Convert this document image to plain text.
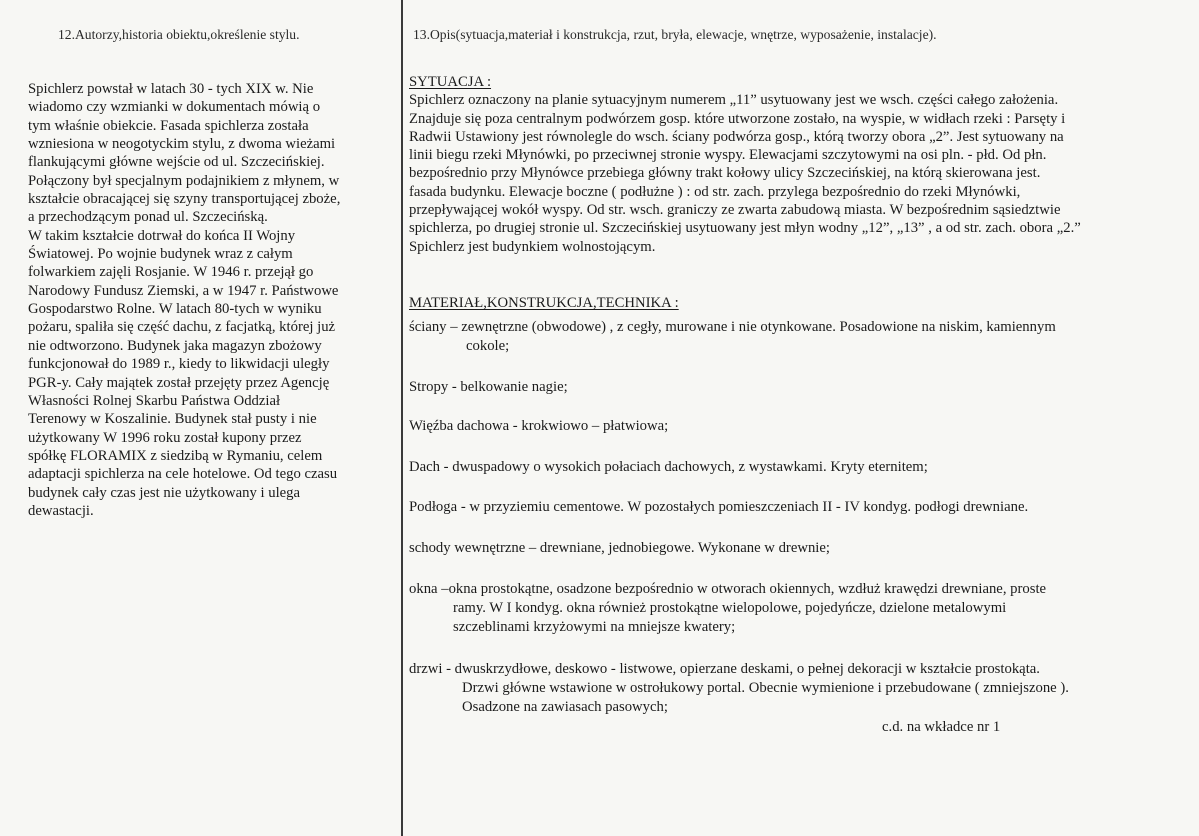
12.Autorzy,historia obiektu,określenie stylu.
Spichlerz powstał w latach 30 - tych XIX w. Nie
wiadomo czy wzmianki w dokumentach mówią o
tym właśnie obiekcie. Fasada spichlerza została
wzniesiona w neogotyckim stylu, z dwoma wieżami
flankującymi główne wejście od ul. Szczecińskiej.
Połączony był specjalnym podajnikiem z młynem, w
kształcie obracającej się szyny transportującej zboże,
a przechodzącym ponad ul. Szczecińską.
W takim kształcie dotrwał do końca II Wojny
Światowej. Po wojnie budynek wraz z całym
folwarkiem zajęli Rosjanie. W 1946 r. przejął go
Narodowy Fundusz Ziemski, a w 1947 r. Państwowe
Gospodarstwo Rolne. W latach 80-tych w wyniku
pożaru, spaliła się część dachu, z facjatką, której już
nie odtworzono. Budynek jaka magazyn zbożowy
funkcjonował do 1989 r., kiedy to likwidacji uległy
PGR-y. Cały majątek został przejęty przez Agencję
Własności Rolnej Skarbu Państwa Oddział
Terenowy w Koszalinie. Budynek stał pusty i nie
użytkowany W 1996 roku został kupony przez
spółkę FLORAMIX z siedzibą w Rymaniu, celem
adaptacji spichlerza na cele hotelowe. Od tego czasu
budynek cały czas jest nie użytkowany i ulega
dewastacji.
13.Opis(sytuacja,materiał i konstrukcja, rzut, bryła, elewacje, wnętrze, wyposażenie, instalacje).
SYTUACJA :
Spichlerz oznaczony na planie sytuacyjnym numerem „11” usytuowany jest we wsch. części całego założenia.
Znajduje się poza centralnym podwórzem gosp. które utworzone zostało, na wyspie, w widłach rzeki : Parsęty i
Radwii Ustawiony jest równolegle do wsch. ściany podwórza gosp., którą tworzy obora „2”. Jest sytuowany na
linii biegu rzeki Młynówki, po przeciwnej stronie wyspy. Elewacjami szczytowymi na osi pln. - płd. Od płn.
bezpośrednio przy Młynówce przebiega główny trakt kołowy ulicy Szczecińskiej, na którą skierowana jest.
fasada budynku. Elewacje boczne ( podłużne ) : od str. zach. przylega bezpośrednio do rzeki Młynówki,
przepływającej wokół wyspy. Od str. wsch. graniczy ze zwarta zabudową miasta. W bezpośrednim sąsiedztwie
spichlerza, po drugiej stronie ul. Szczecińskiej usytuowany jest młyn wodny „12”, „13” , a od str. zach. obora „2.”
Spichlerz jest budynkiem wolnostojącym.
MATERIAŁ,KONSTRUKCJA,TECHNIKA :
ściany – zewnętrzne (obwodowe) , z cegły, murowane i nie otynkowane. Posadowione na niskim, kamiennym
cokole;
Stropy - belkowanie nagie;
Więźba dachowa - krokwiowo – płatwiowa;
Dach - dwuspadowy o wysokich połaciach dachowych, z wystawkami. Kryty eternitem;
Podłoga - w przyziemiu cementowe. W pozostałych pomieszczeniach II - IV kondyg. podłogi drewniane.
schody wewnętrzne – drewniane, jednobiegowe. Wykonane w drewnie;
okna –okna prostokątne, osadzone bezpośrednio w otworach okiennych, wzdłuż krawędzi drewniane, proste
ramy. W I kondyg. okna również prostokątne wielopolowe, pojedyńcze, dzielone metalowymi
szczeblinami krzyżowymi na mniejsze kwatery;
drzwi - dwuskrzydłowe, deskowo - listwowe, opierzane deskami, o pełnej dekoracji w kształcie prostokąta.
Drzwi główne wstawione w ostrołukowy portal. Obecnie wymienione i przebudowane ( zmniejszone ).
Osadzone na zawiasach pasowych;
c.d. na wkładce nr 1
